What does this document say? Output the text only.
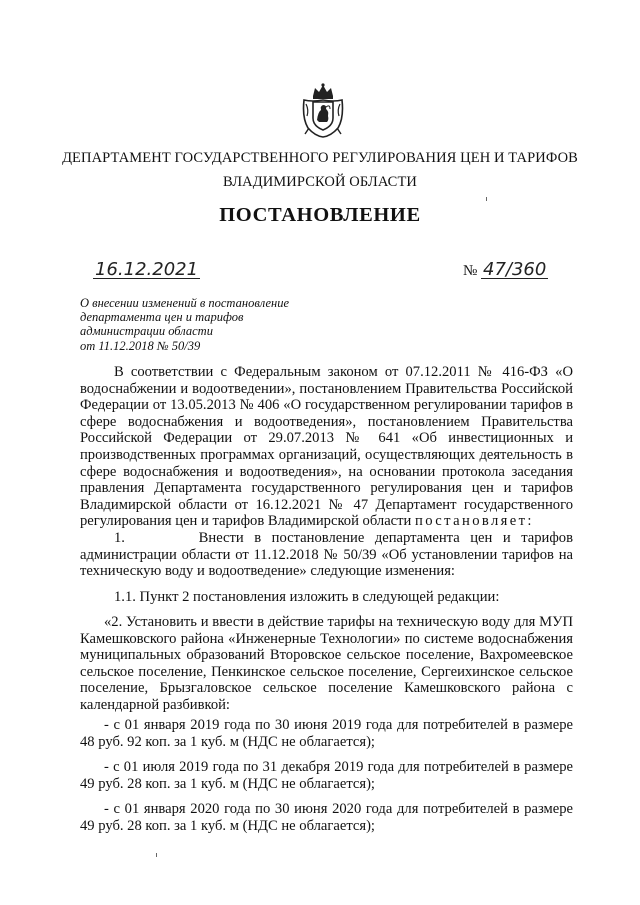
ДЕПАРТАМЕНТ ГОСУДАРСТВЕННОГО РЕГУЛИРОВАНИЯ ЦЕН И ТАРИФОВ
ВЛАДИМИРСКОЙ ОБЛАСТИ
ПОСТАНОВЛЕНИЕ
16.12.2021	№ 47/360
О внесении изменений в постановление
департамента цен и тарифов
администрации области
от 11.12.2018 № 50/39
В соответствии с Федеральным законом от 07.12.2011 № 416-ФЗ «О водоснабжении и водоотведении», постановлением Правительства Российской Федерации от 13.05.2013 № 406 «О государственном регулировании тарифов в сфере водоснабжения и водоотведения», постановлением Правительства Российской Федерации от 29.07.2013 № 641 «Об инвестиционных и производственных программах организаций, осуществляющих деятельность в сфере водоснабжения и водоотведения», на основании протокола заседания правления Департамента государственного регулирования цен и тарифов Владимирской области от 16.12.2021 № 47 Департамент государственного регулирования цен и тарифов Владимирской области постановляет:
1.	Внести в постановление департамента цен и тарифов администрации области от 11.12.2018 № 50/39 «Об установлении тарифов на техническую воду и водоотведение» следующие изменения:
1.1. Пункт 2 постановления изложить в следующей редакции:
«2. Установить и ввести в действие тарифы на техническую воду для МУП Камешковского района «Инженерные Технологии» по системе водоснабжения муниципальных образований Второвское сельское поселение, Вахромеевское сельское поселение, Пенкинское сельское поселение, Сергеихинское сельское поселение, Брызгаловское сельское поселение Камешковского района с календарной разбивкой:
- с 01 января 2019 года по 30 июня 2019 года для потребителей в размере 48 руб. 92 коп. за 1 куб. м (НДС не облагается);
- с 01 июля 2019 года по 31 декабря 2019 года для потребителей в размере 49 руб. 28 коп. за 1 куб. м (НДС не облагается);
- с 01 января 2020 года по 30 июня 2020 года для потребителей в размере 49 руб. 28 коп. за 1 куб. м (НДС не облагается);
